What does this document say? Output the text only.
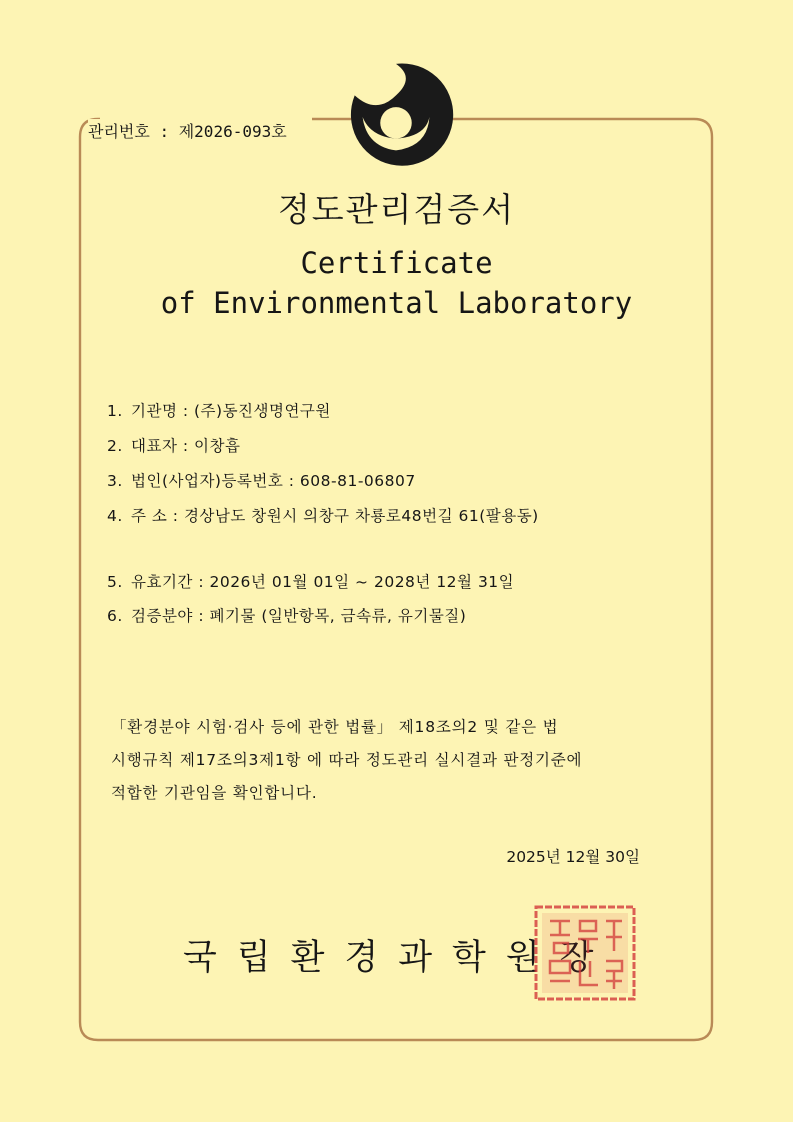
관리번호 : 제2026-093호
정도관리검증서
Certificate
of Environmental Laboratory
1. 기관명 : (주)동진생명연구원
2. 대표자 : 이창흡
3. 법인(사업자)등록번호 : 608-81-06807
4. 주 소 : 경상남도 창원시 의창구 차룡로48번길 61(팔용동)
5. 유효기간 : 2026년 01월 01일 ~ 2028년 12월 31일
6. 검증분야 : 폐기물 (일반항목, 금속류, 유기물질)
「환경분야 시험·검사 등에 관한 법률」 제18조의2 및 같은 법
시행규칙 제17조의3제1항 에 따라 정도관리 실시결과 판정기준에
적합한 기관임을 확인합니다.
2025년 12월 30일
국립환경과학원장
